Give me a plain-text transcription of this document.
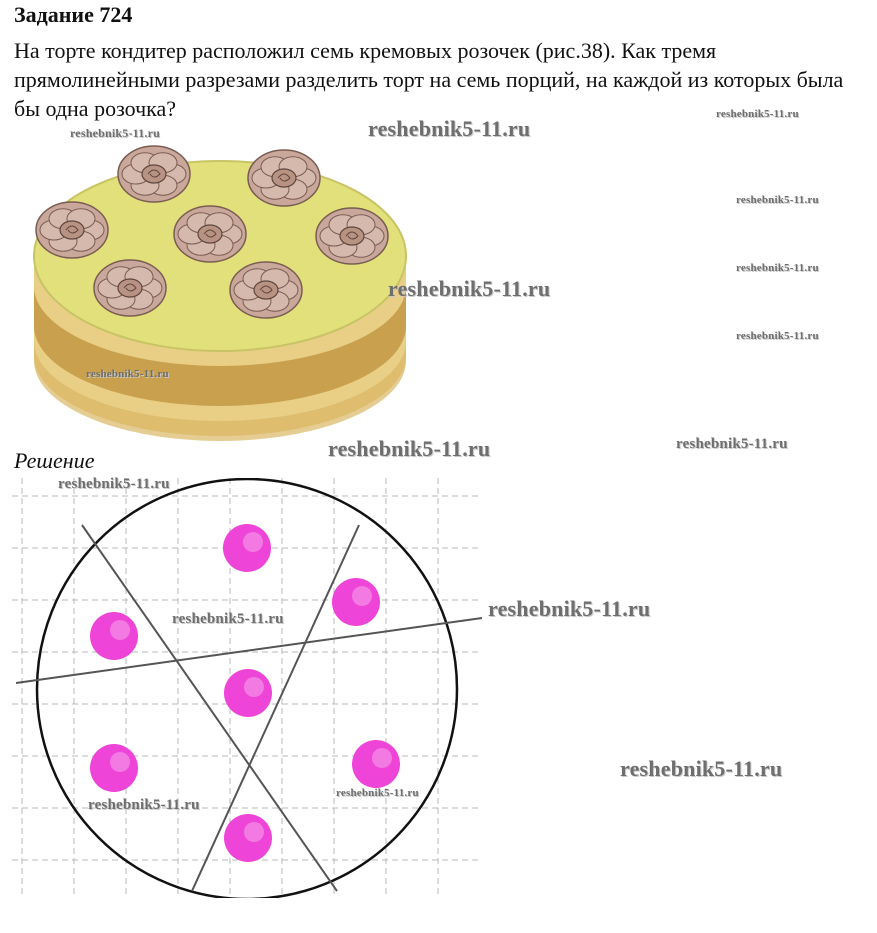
Задание 724
На торте кондитер расположил семь кремовых розочек (рис.38). Как тремя прямолинейными разрезами разделить торт на семь порций, на каждой из которых была бы одна розочка?
Решение
reshebnik5-11.ru	reshebnik5-11.ru
reshebnik5-11.ru
reshebnik5-11.ru
reshebnik5-11.ru
reshebnik5-11.ru
reshebnik5-11.ru
reshebnik5-11.ru
reshebnik5-11.ru	reshebnik5-11.ru
reshebnik5-11.ru
reshebnik5-11.ru
reshebnik5-11.ru
reshebnik5-11.ru
reshebnik5-11.ru
reshebnik5-11.ru
